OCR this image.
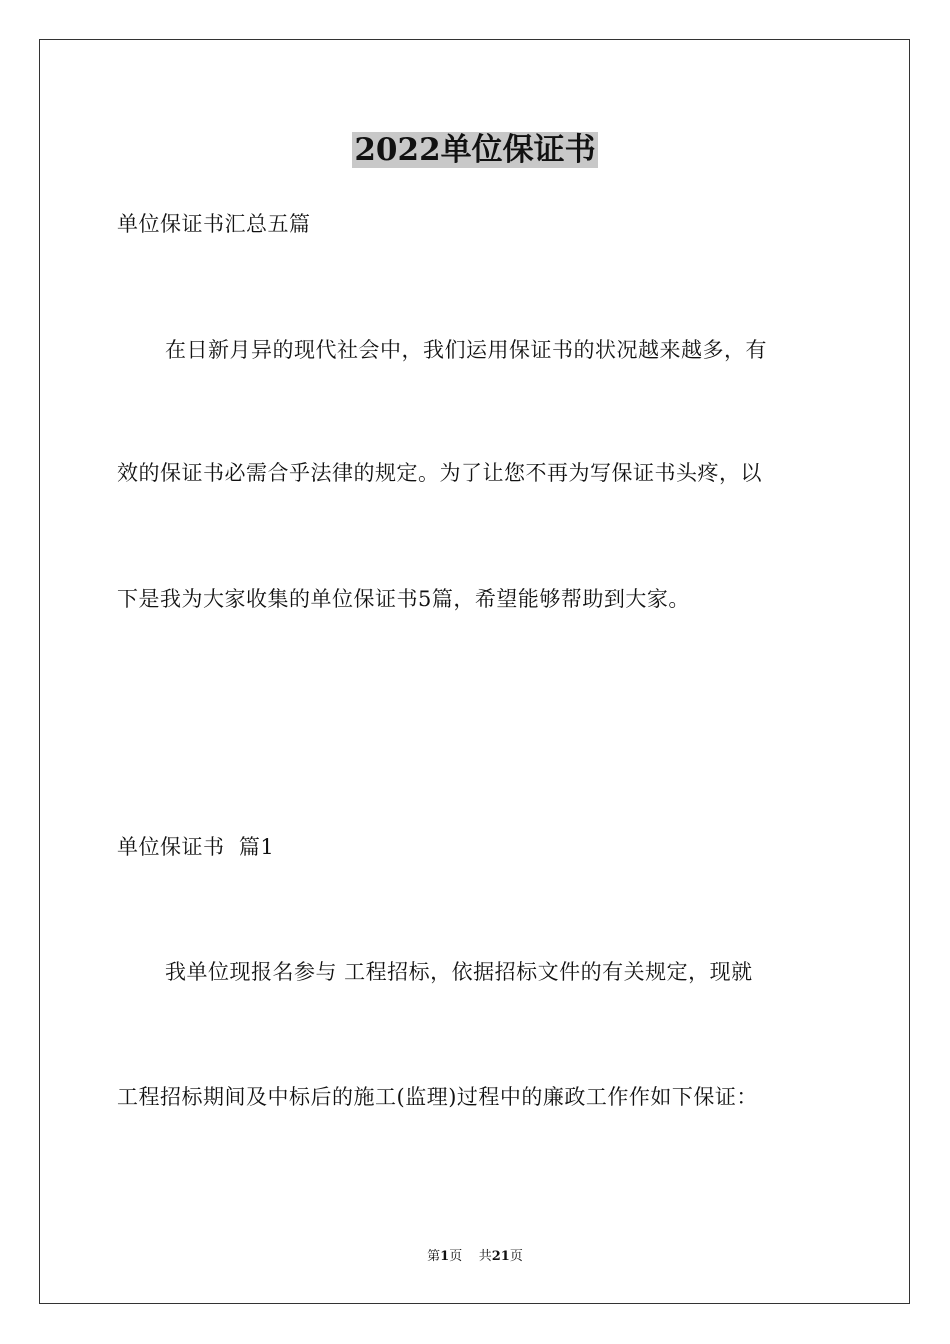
2022单位保证书
单位保证书汇总五篇
在日新月异的现代社会中，我们运用保证书的状况越来越多，有
效的保证书必需合乎法律的规定。为了让您不再为写保证书头疼，以
下是我为大家收集的单位保证书5篇，希望能够帮助到大家。
单位保证书  篇1
我单位现报名参与 工程招标，依据招标文件的有关规定，现就
工程招标期间及中标后的施工(监理)过程中的廉政工作作如下保证：
第1页 共21页
